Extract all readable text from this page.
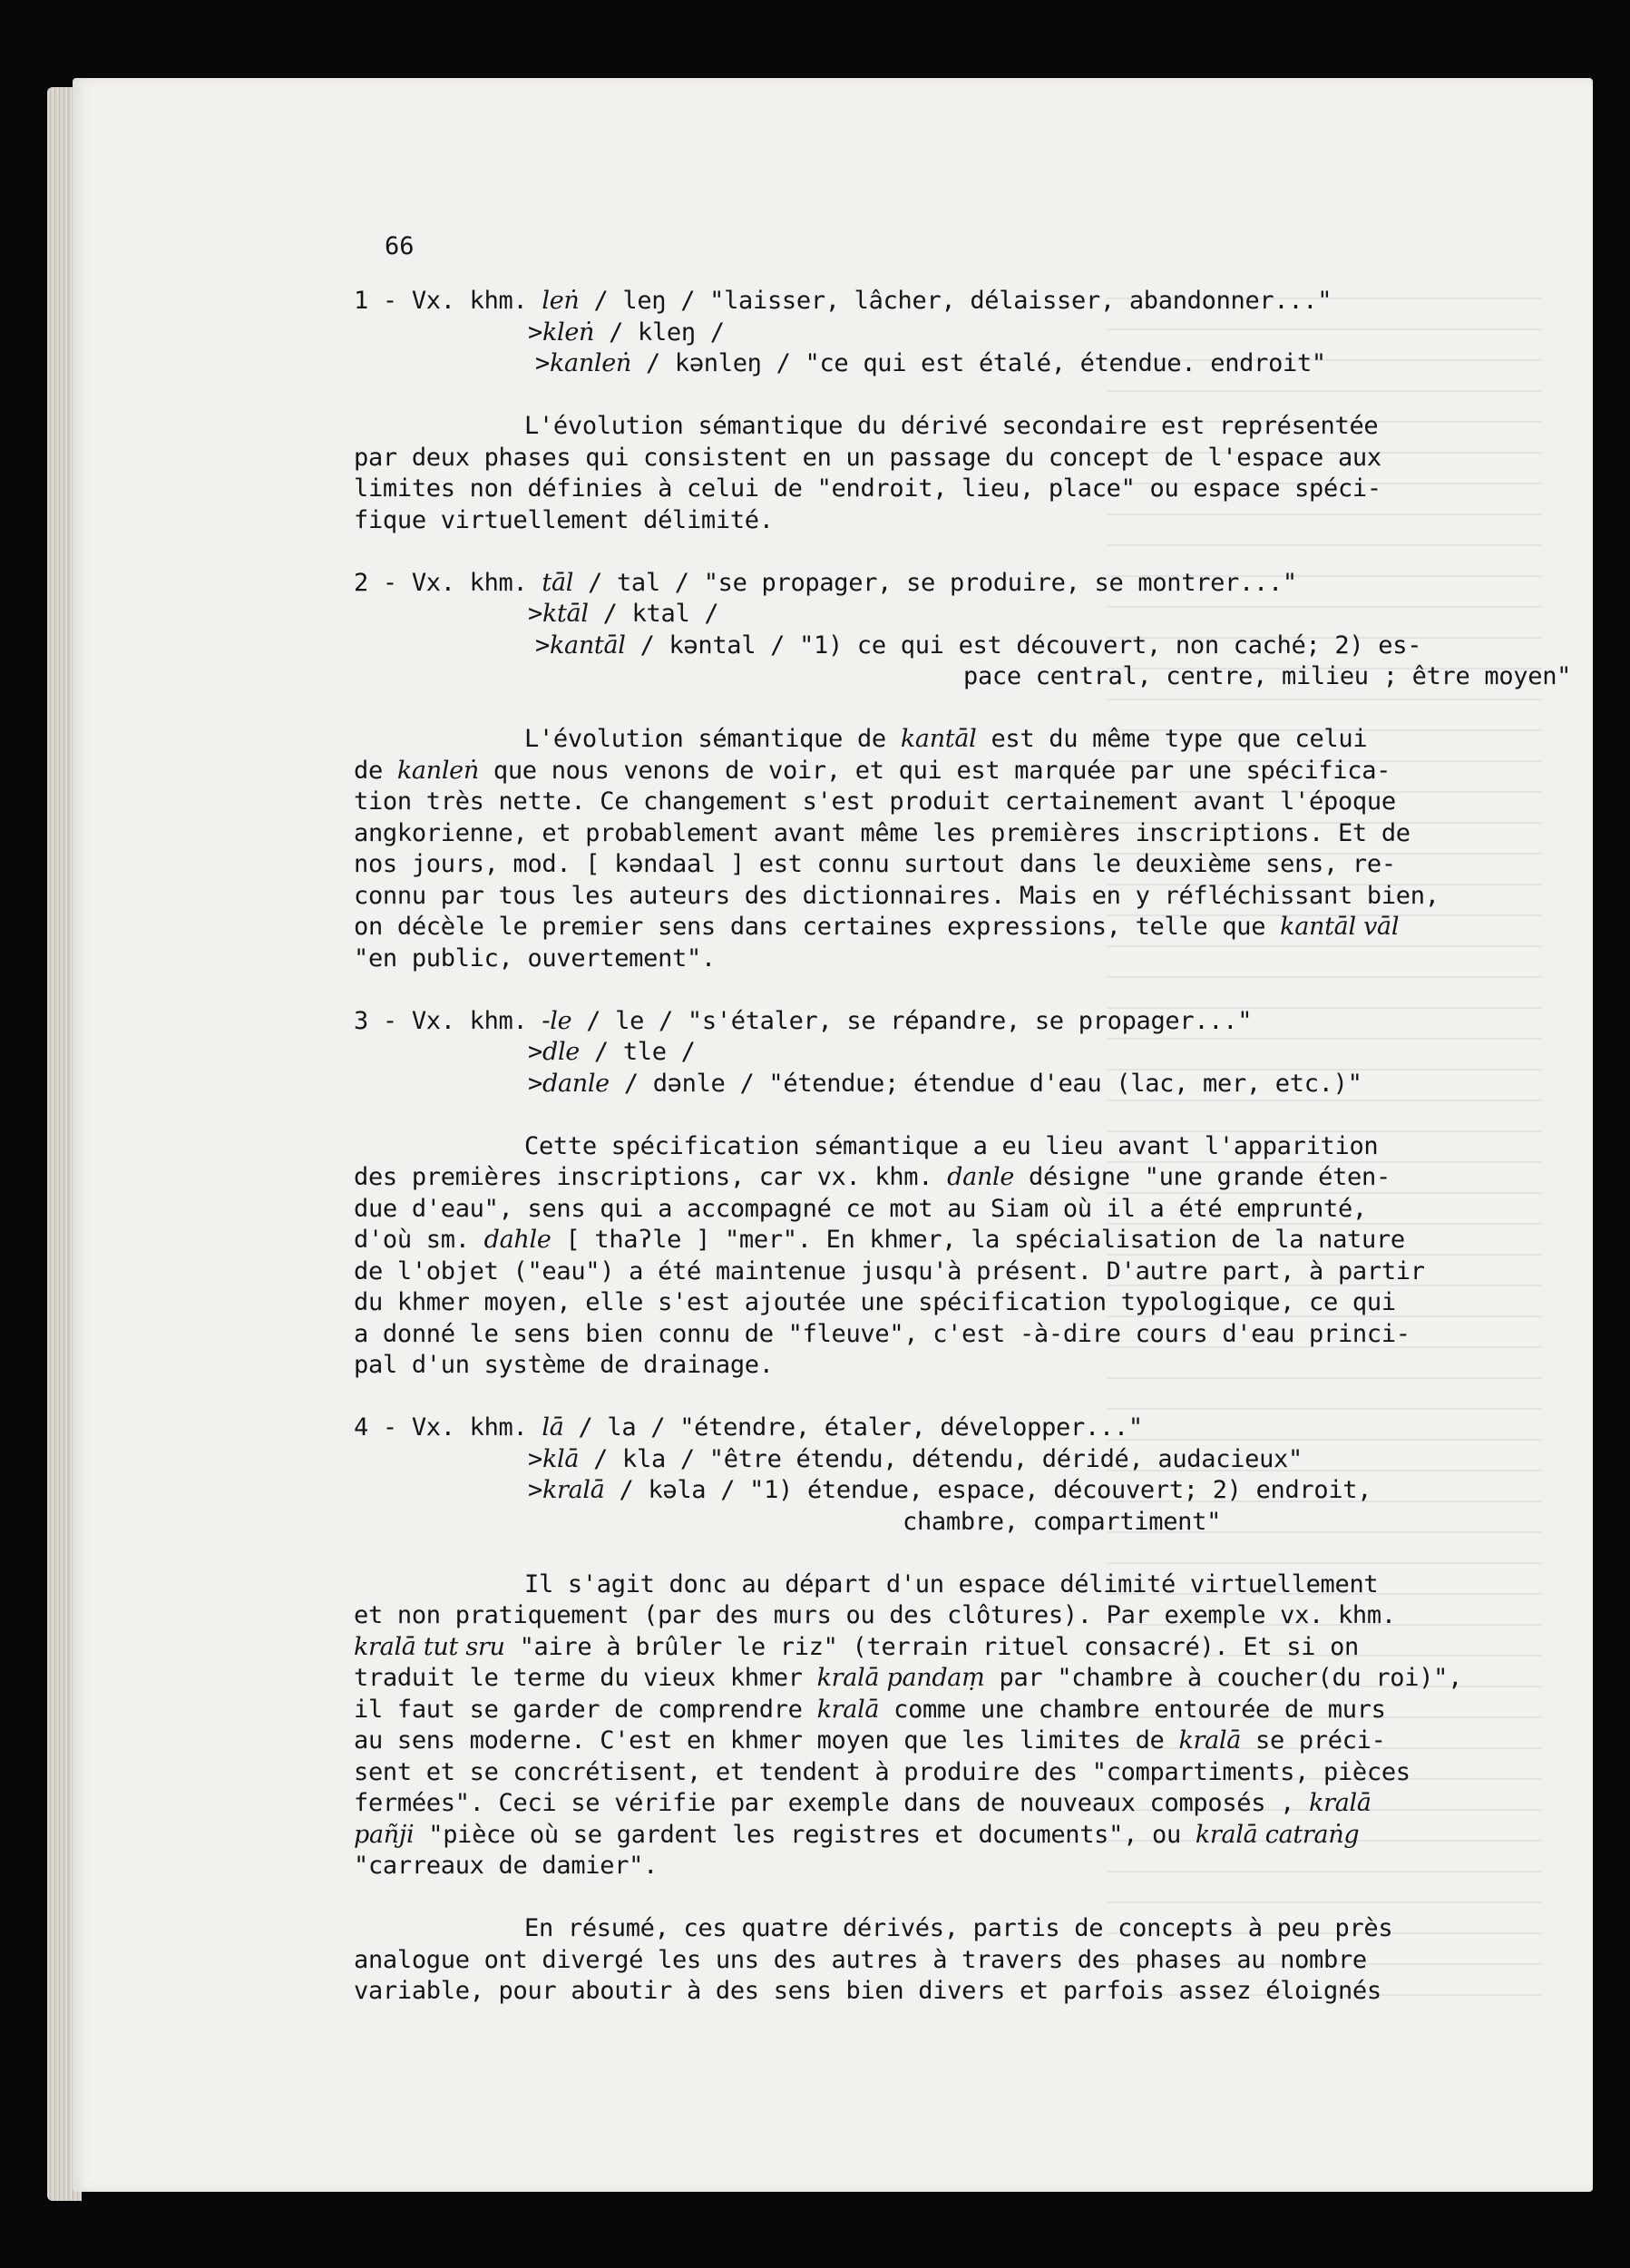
66
1 - Vx. khm. leṅ / leŋ / "laisser, lâcher, délaisser, abandonner..."
>kleṅ / kleŋ /
>kanleṅ / kənleŋ / "ce qui est étalé, étendue. endroit"
L'évolution sémantique du dérivé secondaire est représentée
par deux phases qui consistent en un passage du concept de l'espace aux
limites non définies à celui de "endroit, lieu, place" ou espace spéci-
fique virtuellement délimité.
2 - Vx. khm. tāl / tal / "se propager, se produire, se montrer..."
>ktāl / ktal /
>kantāl / kəntal / "1) ce qui est découvert, non caché; 2) es-
pace central, centre, milieu ; être moyen"
L'évolution sémantique de kantāl est du même type que celui
de kanleṅ que nous venons de voir, et qui est marquée par une spécifica-
tion très nette. Ce changement s'est produit certainement avant l'époque
angkorienne, et probablement avant même les premières inscriptions. Et de
nos jours, mod. [ kəndaal ] est connu surtout dans le deuxième sens, re-
connu par tous les auteurs des dictionnaires. Mais en y réfléchissant bien,
on décèle le premier sens dans certaines expressions, telle que kantāl vāl
"en public, ouvertement".
3 - Vx. khm. -le / le / "s'étaler, se répandre, se propager..."
>dle / tle /
>danle / dənle / "étendue; étendue d'eau (lac, mer, etc.)"
Cette spécification sémantique a eu lieu avant l'apparition
des premières inscriptions, car vx. khm. danle désigne "une grande éten-
due d'eau", sens qui a accompagné ce mot au Siam où il a été emprunté,
d'où sm. dahle [ thaʔle ] "mer". En khmer, la spécialisation de la nature
de l'objet ("eau") a été maintenue jusqu'à présent. D'autre part, à partir
du khmer moyen, elle s'est ajoutée une spécification typologique, ce qui
a donné le sens bien connu de "fleuve", c'est -à-dire cours d'eau princi-
pal d'un système de drainage.
4 - Vx. khm. lā / la / "étendre, étaler, développer..."
>klā / kla / "être étendu, détendu, déridé, audacieux"
>kralā / kəla / "1) étendue, espace, découvert; 2) endroit,
chambre, compartiment"
Il s'agit donc au départ d'un espace délimité virtuellement
et non pratiquement (par des murs ou des clôtures). Par exemple vx. khm.
kralā tut sru "aire à brûler le riz" (terrain rituel consacré). Et si on
traduit le terme du vieux khmer kralā pandaṃ par "chambre à coucher(du roi)",
il faut se garder de comprendre kralā comme une chambre entourée de murs
au sens moderne. C'est en khmer moyen que les limites de kralā se préci-
sent et se concrétisent, et tendent à produire des "compartiments, pièces
fermées". Ceci se vérifie par exemple dans de nouveaux composés , kralā
pañji "pièce où se gardent les registres et documents", ou kralā catraṅg
"carreaux de damier".
En résumé, ces quatre dérivés, partis de concepts à peu près
analogue ont divergé les uns des autres à travers des phases au nombre
variable, pour aboutir à des sens bien divers et parfois assez éloignés
